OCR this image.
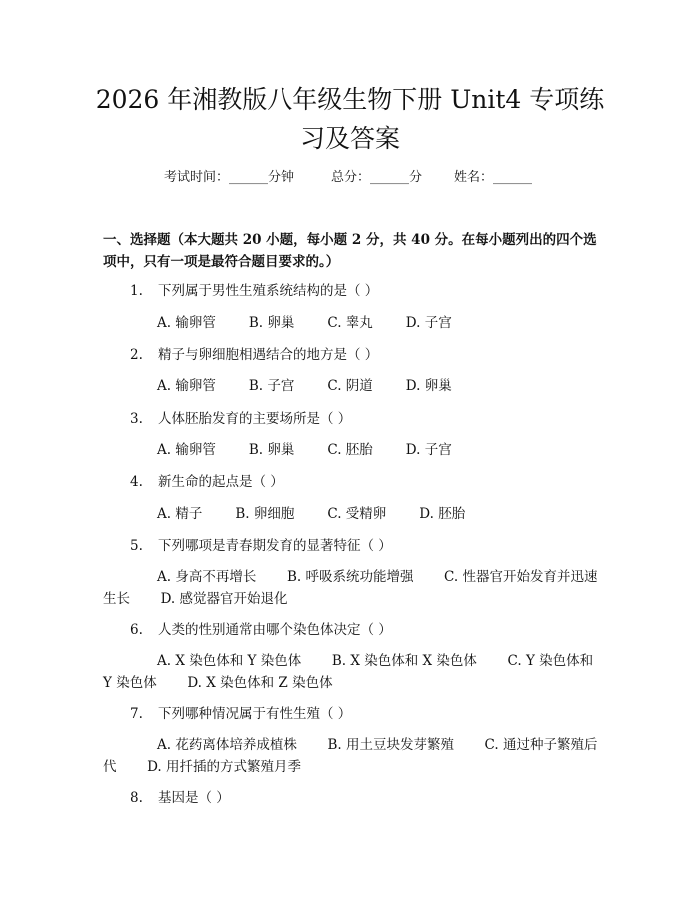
2026 年湘教版八年级生物下册 Unit4 专项练
习及答案
考试时间：______分钟	总分：______分 姓名：______

一、选择题（本大题共 20 小题，每小题 2 分，共 40 分。在每小题列出的四个选项中，只有一项是最符合题目要求的。）

1. 下列属于男性生殖系统结构的是（ ）
A. 输卵管 B. 卵巢 C. 睾丸 D. 子宫
2. 精子与卵细胞相遇结合的地方是（ ）
A. 输卵管 B. 子宫 C. 阴道 D. 卵巢
3. 人体胚胎发育的主要场所是（ ）
A. 输卵管 B. 卵巢 C. 胚胎 D. 子宫
4. 新生命的起点是（ ）
A. 精子 B. 卵细胞 C. 受精卵 D. 胚胎
5. 下列哪项是青春期发育的显著特征（ ）
A. 身高不再增长 B. 呼吸系统功能增强 C. 性器官开始发育并迅速生长 D. 感觉器官开始退化
6. 人类的性别通常由哪个染色体决定（ ）
A. X 染色体和 Y 染色体 B. X 染色体和 X 染色体 C. Y 染色体和 Y 染色体 D. X 染色体和 Z 染色体
7. 下列哪种情况属于有性生殖（ ）
A. 花药离体培养成植株 B. 用土豆块发芽繁殖 C. 通过种子繁殖后代 D. 用扦插的方式繁殖月季
8. 基因是（ ）
